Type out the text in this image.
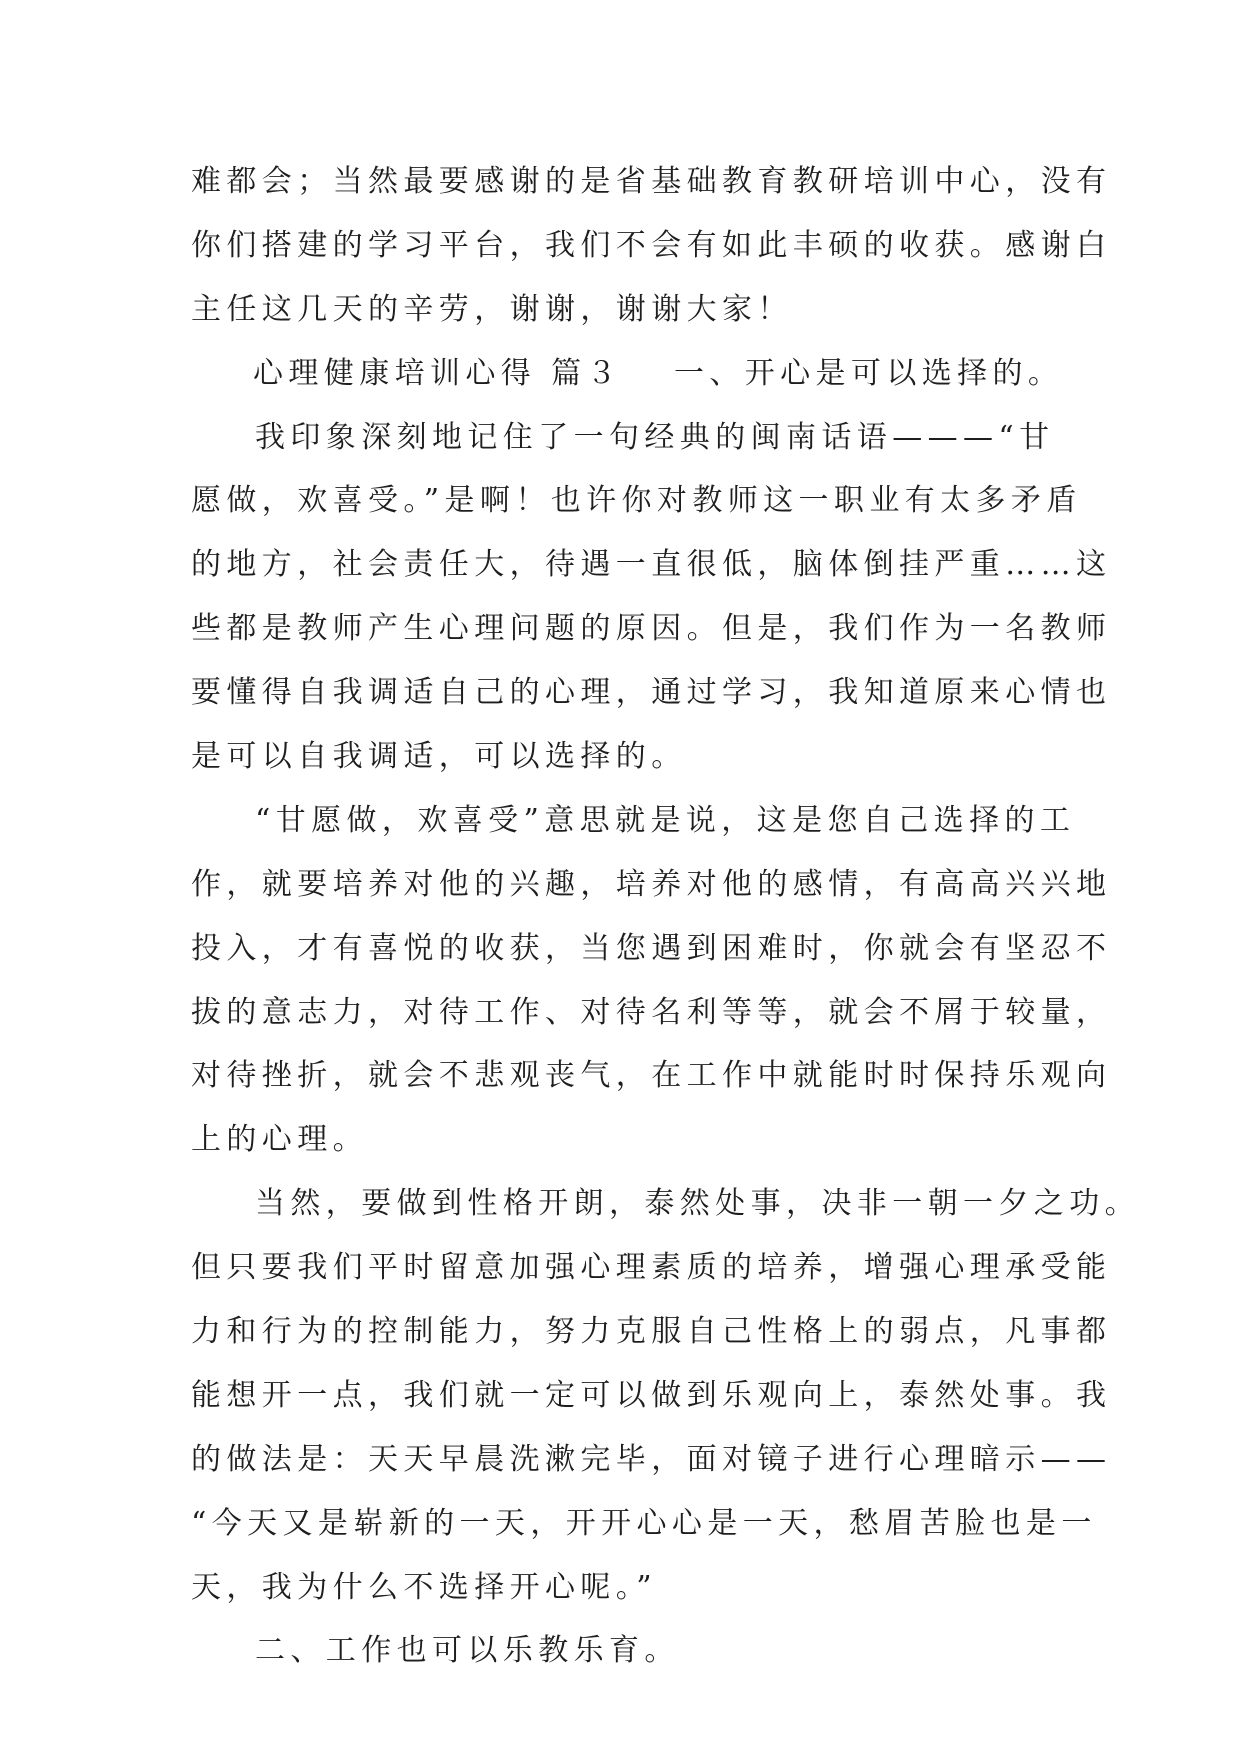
难都会；当然最要感谢的是省基础教育教研培训中心，没有
你们搭建的学习平台，我们不会有如此丰硕的收获。感谢白
主任这几天的辛劳，谢谢，谢谢大家！
心理健康培训心得 篇３ 一、开心是可以选择的。
我印象深刻地记住了一句经典的闽南话语———“甘
愿做，欢喜受。”是啊！也许你对教师这一职业有太多矛盾
的地方，社会责任大，待遇一直很低，脑体倒挂严重……这
些都是教师产生心理问题的原因。但是，我们作为一名教师
要懂得自我调适自己的心理，通过学习，我知道原来心情也
是可以自我调适，可以选择的。
“甘愿做，欢喜受”意思就是说，这是您自己选择的工
作，就要培养对他的兴趣，培养对他的感情，有高高兴兴地
投入，才有喜悦的收获，当您遇到困难时，你就会有坚忍不
拔的意志力，对待工作、对待名利等等，就会不屑于较量，
对待挫折，就会不悲观丧气，在工作中就能时时保持乐观向
上的心理。
当然，要做到性格开朗，泰然处事，决非一朝一夕之功。
但只要我们平时留意加强心理素质的培养，增强心理承受能
力和行为的控制能力，努力克服自己性格上的弱点，凡事都
能想开一点，我们就一定可以做到乐观向上，泰然处事。我
的做法是：天天早晨洗漱完毕，面对镜子进行心理暗示——
“今天又是崭新的一天，开开心心是一天，愁眉苦脸也是一
天，我为什么不选择开心呢。”
二、工作也可以乐教乐育。
